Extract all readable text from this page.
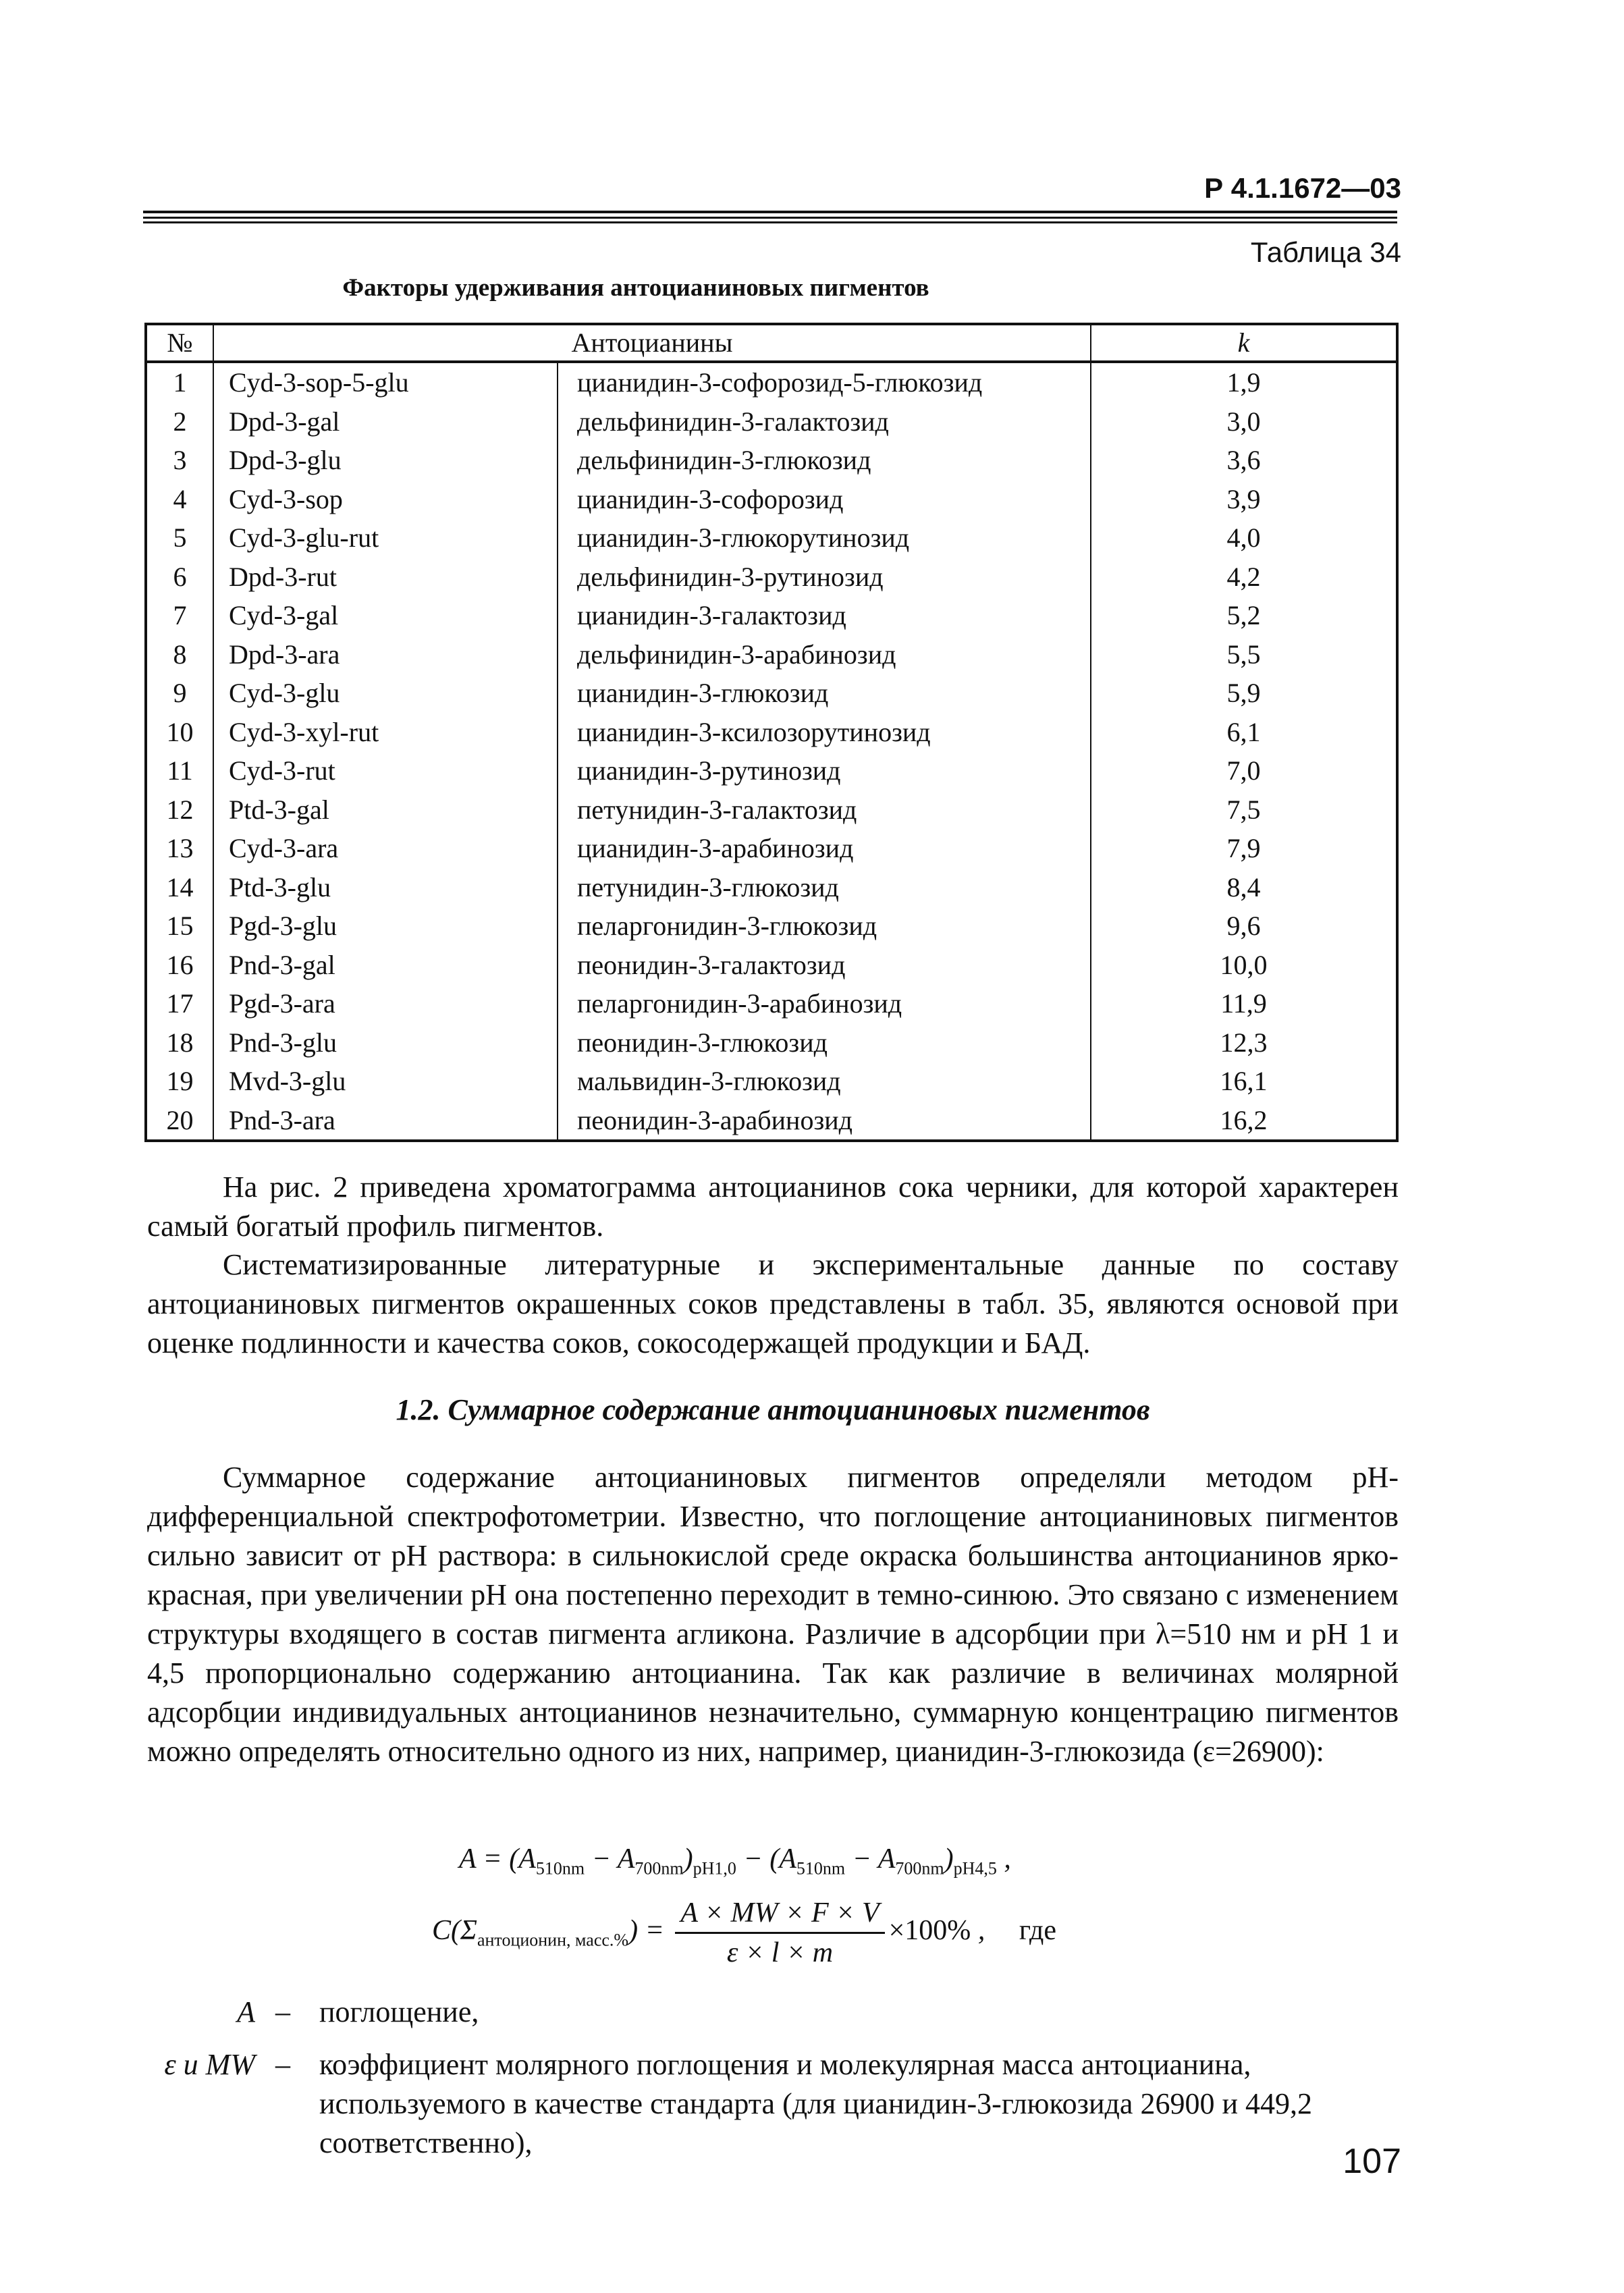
Р 4.1.1672—03
Таблица 34
Факторы удерживания антоциaниновых пигментов
№	Антоцианины		k
1	Cyd-3-sop-5-glu	цианидин-3-софорозид-5-глюкозид	1,9
2	Dpd-3-gal	дельфинидин-3-галактозид	3,0
3	Dpd-3-glu	дельфинидин-3-глюкозид	3,6
4	Cyd-3-sop	цианидин-3-софорозид	3,9
5	Cyd-3-glu-rut	цианидин-3-глюкорутинозид	4,0
6	Dpd-3-rut	дельфинидин-3-рутинозид	4,2
7	Cyd-3-gal	цианидин-3-галактозид	5,2
8	Dpd-3-ara	дельфинидин-3-арабинозид	5,5
9	Cyd-3-glu	цианидин-3-глюкозид	5,9
10	Cyd-3-xyl-rut	цианидин-3-ксилозорутинозид	6,1
11	Cyd-3-rut	цианидин-3-рутинозид	7,0
12	Ptd-3-gal	петунидин-3-галактозид	7,5
13	Cyd-3-ara	цианидин-3-арабинозид	7,9
14	Ptd-3-glu	петунидин-3-глюкозид	8,4
15	Pgd-3-glu	пеларгонидин-3-глюкозид	9,6
16	Pnd-3-gal	пеонидин-3-галактозид	10,0
17	Pgd-3-ara	пеларгонидин-3-арабинозид	11,9
18	Pnd-3-glu	пеонидин-3-глюкозид	12,3
19	Mvd-3-glu	мальвидин-3-глюкозид	16,1
20	Pnd-3-ara	пеонидин-3-арабинозид	16,2
На рис. 2 приведена хроматограмма антоцианинов сока черники, для которой характерен самый богатый профиль пигментов.
Систематизированные литературные и экспериментальные данные по составу антоцианиновых пигментов окрашенных соков представлены в табл. 35, являются основой при оценке подлинности и качества соков, сокосодержащей продукции и БАД.
1.2. Суммарное содержание антоцианиновых пигментов
Суммарное содержание антоцианиновых пигментов определяли методом pH-дифференциальной спектрофотометрии. Известно, что поглощение антоцианиновых пигментов сильно зависит от pH раствора: в сильнокислой среде окраска большинства антоцианинов ярко-красная, при увеличении pH она постепенно переходит в темно-синюю. Это связано с изменением структуры входящего в состав пигмента агликона. Различие в адсорбции при λ=510 нм и pH 1 и 4,5 пропорционально содержанию антоцианина. Так как различие в величинах молярной адсорбции индивидуальных антоцианинов незначительно, суммарную концентрацию пигментов можно определять относительно одного из них, например, цианидин-3-глюкозида (ε=26900):
$A = (A_{510nm} - A_{700nm})_{pH1,0} - (A_{510nm} - A_{700nm})_{pH4,5}$ ,
$C(\Sigma_{антоционин, масс.\%}) = \frac{A \times MW \times F \times V}{\varepsilon \times l \times m} \times 100\%$ , где
A – поглощение,
ε и MW – коэффициент молярного поглощения и молекулярная масса антоцианина, используемого в качестве стандарта (для цианидин-3-глюкозида 26900 и 449,2 соответственно),	107
